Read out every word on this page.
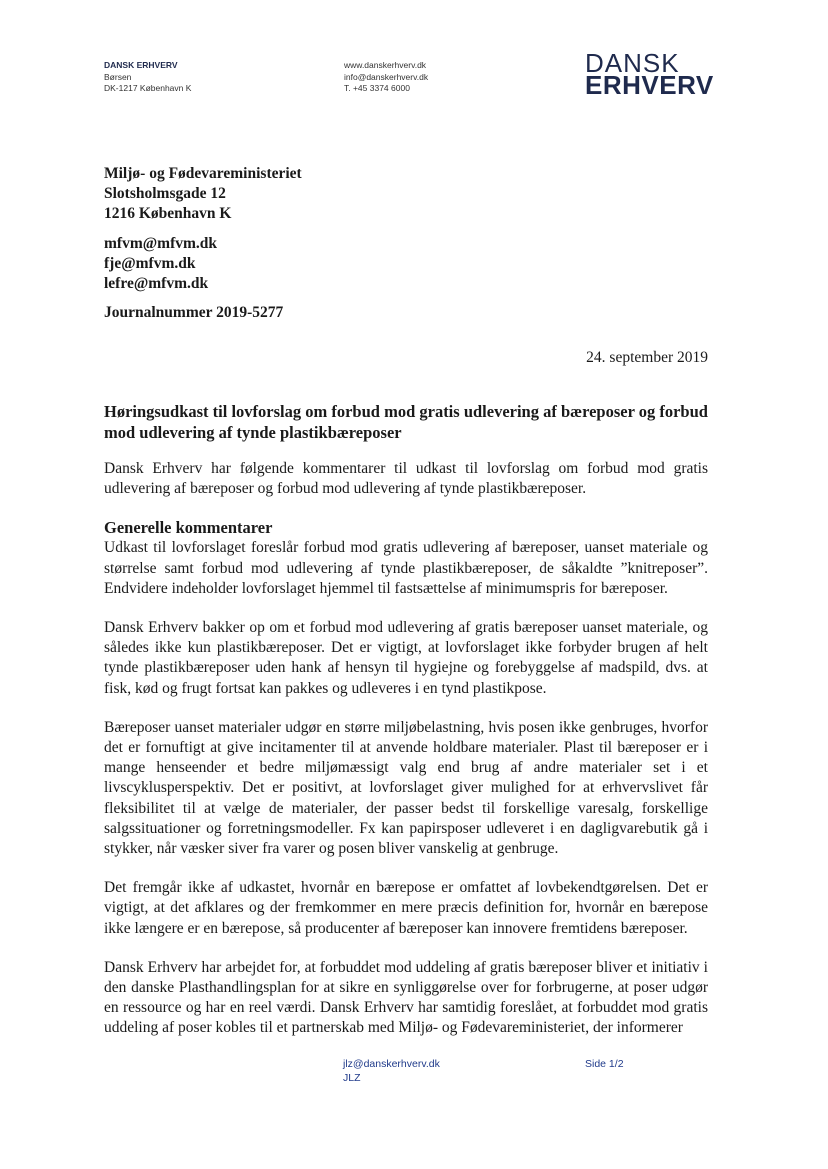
DANSK ERHVERV
Børsen
DK-1217 København K
www.danskerhverv.dk
info@danskerhverv.dk
T. +45 3374 6000
DANSK
ERHVERV
Miljø- og Fødevareministeriet
Slotsholmsgade 12
1216 København K
mfvm@mfvm.dk
fje@mfvm.dk
lefre@mfvm.dk
Journalnummer 2019-5277
24. september 2019

Høringsudkast til lovforslag om forbud mod gratis udlevering af bæreposer og forbud mod udlevering af tynde plastikbæreposer

Dansk Erhverv har følgende kommentarer til udkast til lovforslag om forbud mod gratis udlevering af bæreposer og forbud mod udlevering af tynde plastikbæreposer.

Generelle kommentarer

Udkast til lovforslaget foreslår forbud mod gratis udlevering af bæreposer, uanset materiale og størrelse samt forbud mod udlevering af tynde plastikbæreposer, de såkaldte ”knitreposer”. Endvidere indeholder lovforslaget hjemmel til fastsættelse af minimumspris for bæreposer.

Dansk Erhverv bakker op om et forbud mod udlevering af gratis bæreposer uanset materiale, og således ikke kun plastikbæreposer. Det er vigtigt, at lovforslaget ikke forbyder brugen af helt tynde plastikbæreposer uden hank af hensyn til hygiejne og forebyggelse af madspild, dvs. at fisk, kød og frugt fortsat kan pakkes og udleveres i en tynd plastikpose.

Bæreposer uanset materialer udgør en større miljøbelastning, hvis posen ikke genbruges, hvorfor det er fornuftigt at give incitamenter til at anvende holdbare materialer. Plast til bæreposer er i mange henseender et bedre miljømæssigt valg end brug af andre materialer set i et livscyklusperspektiv. Det er positivt, at lovforslaget giver mulighed for at erhvervslivet får fleksibilitet til at vælge de materialer, der passer bedst til forskellige varesalg, forskellige salgssituationer og forretningsmodeller. Fx kan papirsposer udleveret i en dagligvarebutik gå i stykker, når væsker siver fra varer og posen bliver vanskelig at genbruge.

Det fremgår ikke af udkastet, hvornår en bærepose er omfattet af lovbekendtgørelsen. Det er vigtigt, at det afklares og der fremkommer en mere præcis definition for, hvornår en bærepose ikke længere er en bærepose, så producenter af bæreposer kan innovere fremtidens bæreposer.

Dansk Erhverv har arbejdet for, at forbuddet mod uddeling af gratis bæreposer bliver et initiativ i den danske Plasthandlingsplan for at sikre en synliggørelse over for forbrugerne, at poser udgør en ressource og har en reel værdi. Dansk Erhverv har samtidig foreslået, at forbuddet mod gratis uddeling af poser kobles til et partnerskab med Miljø- og Fødevareministeriet, der informerer

jlz@danskerhverv.dk
JLZ
Side 1/2
